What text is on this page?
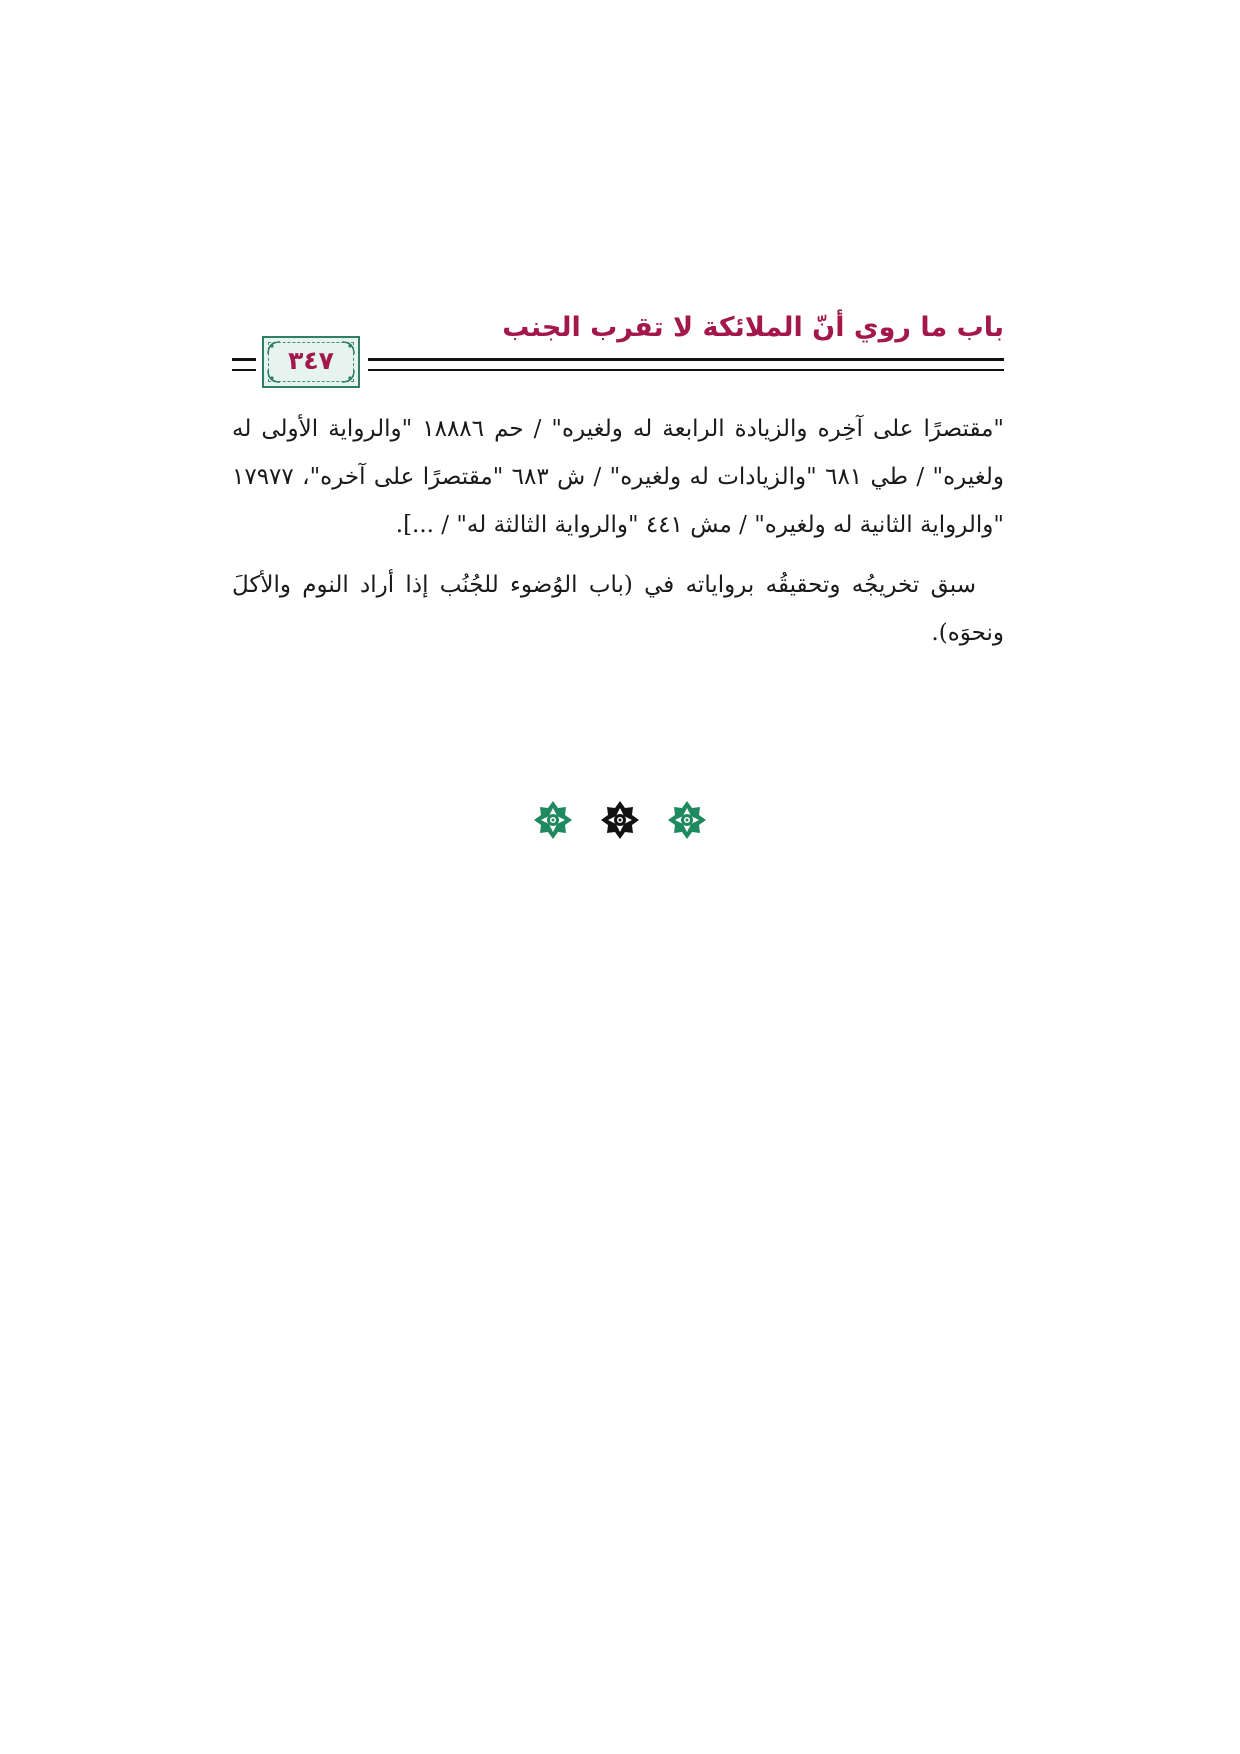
باب ما روي أنّ الملائكة لا تقرب الجنب
٣٤٧

"مقتصرًا على آخِره والزيادة الرابعة له ولغيره" / حم ١٨٨٨٦ "والرواية الأولى له ولغيره" / طي ٦٨١ "والزيادات له ولغيره" / ش ٦٨٣ "مقتصرًا على آخره"، ١٧٩٧٧ "والرواية الثانية له ولغيره" / مش ٤٤١ "والرواية الثالثة له" / ...].

سبق تخريجُه وتحقيقُه برواياته في (باب الوُضوء للجُنُب إذا أراد النوم والأكلَ ونحوَه).
